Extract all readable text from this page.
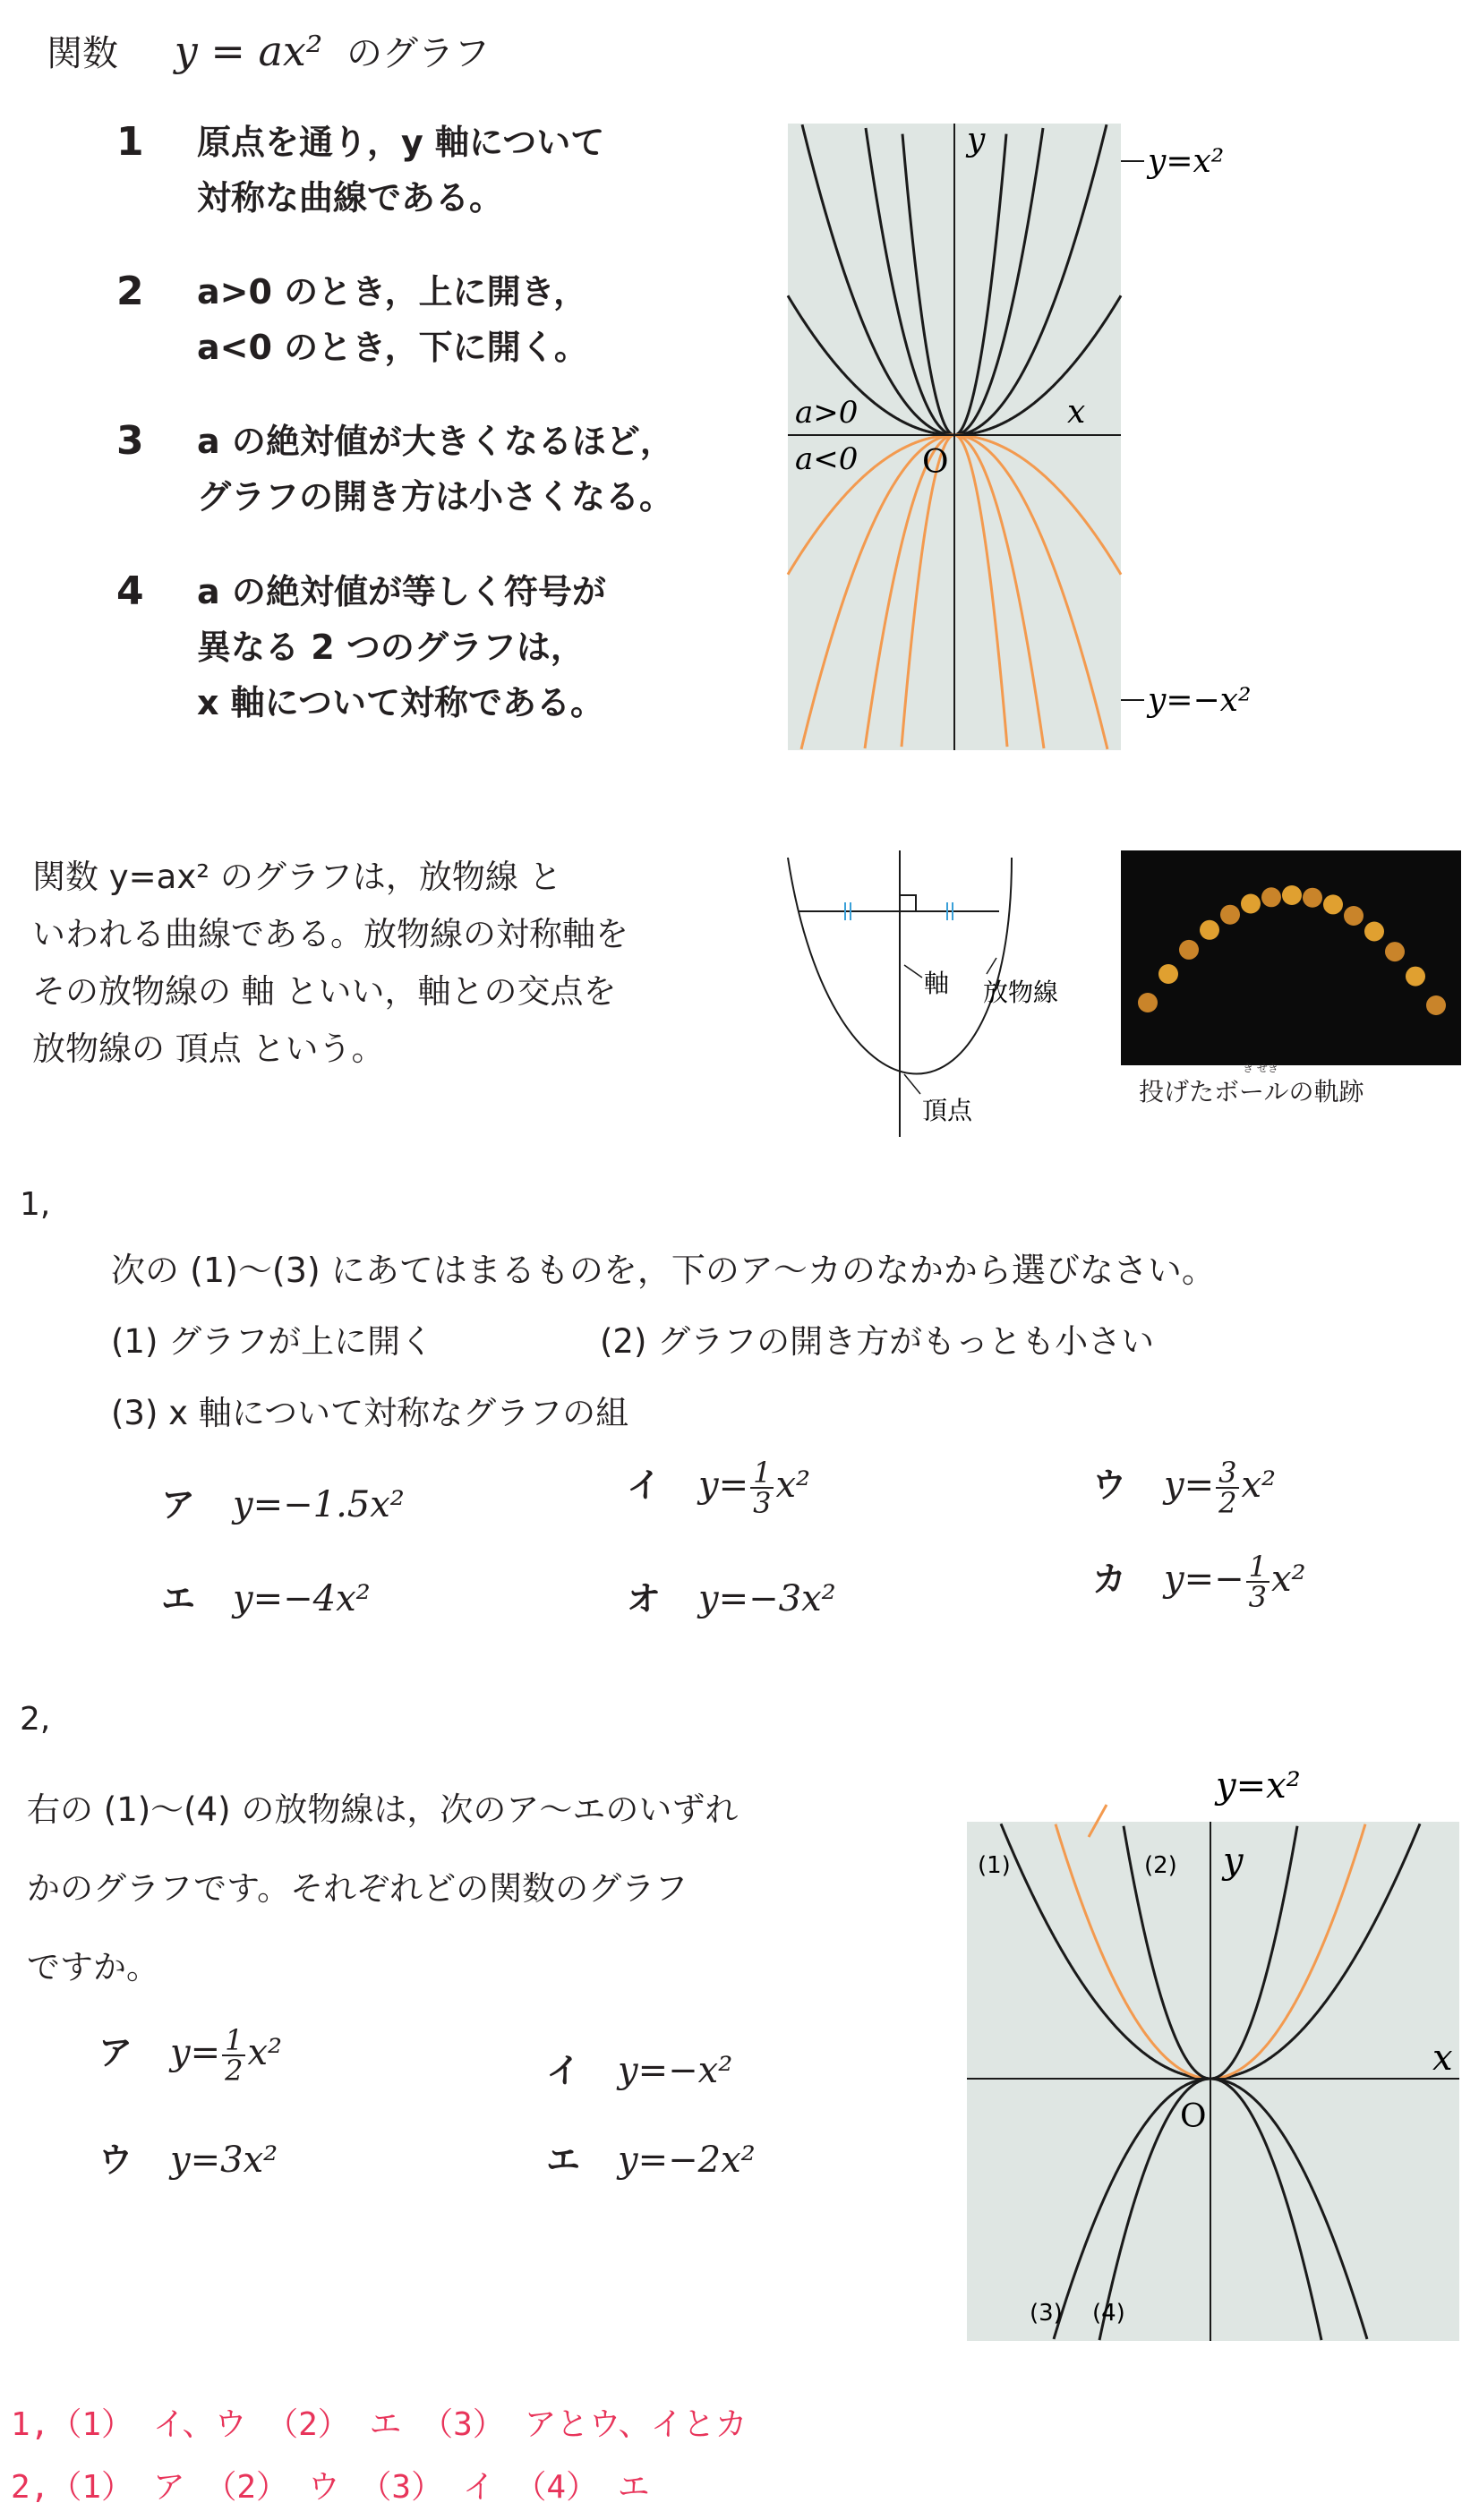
関数 y = ax² のグラフ
1 原点を通り，y 軸について
対称な曲線である。
2 a>0 のとき，上に開き，
a<0 のとき，下に開く。
3 a の絶対値が大きくなるほど，
グラフの開き方は小さくなる。
4 a の絶対値が等しく符号が
異なる 2 つのグラフは，
x 軸について対称である。
y
x
O
a>0
a<0
y=x²
y=−x²
関数 y=ax² のグラフは，放物線 と
いわれる曲線である。放物線の対称軸を
その放物線の 軸 といい，軸との交点を
放物線の 頂点 という。
軸 放物線
頂点
投げたボールの軌跡
き せき
1,
次の (1)～(3) にあてはまるものを，下のア～カのなかから選びなさい。
(1) グラフが上に開く	(2) グラフの開き方がもっとも小さい
(3) x 軸について対称なグラフの組
ア y=−1.5x²	イ $y= \frac{1}{3} x^2$	ウ $y= \frac{3}{2} x^2$
エ y=−4x²	オ y=−3x²	カ $y=- \frac{1}{3} x^2$
2,
右の (1)～(4) の放物線は，次のア～エのいずれ
かのグラフです。それぞれどの関数のグラフ
ですか。
ア $y= \frac{1}{2} x^2$	イ y=−x²
ウ y=3x²	エ y=−2x²
y=x²
y
x
O
(1)	(2)
(3) (4)
1,（1） イ、ウ （2） エ （3） アとウ、イとカ
2,（1） ア （2） ウ （3） イ （4） エ
